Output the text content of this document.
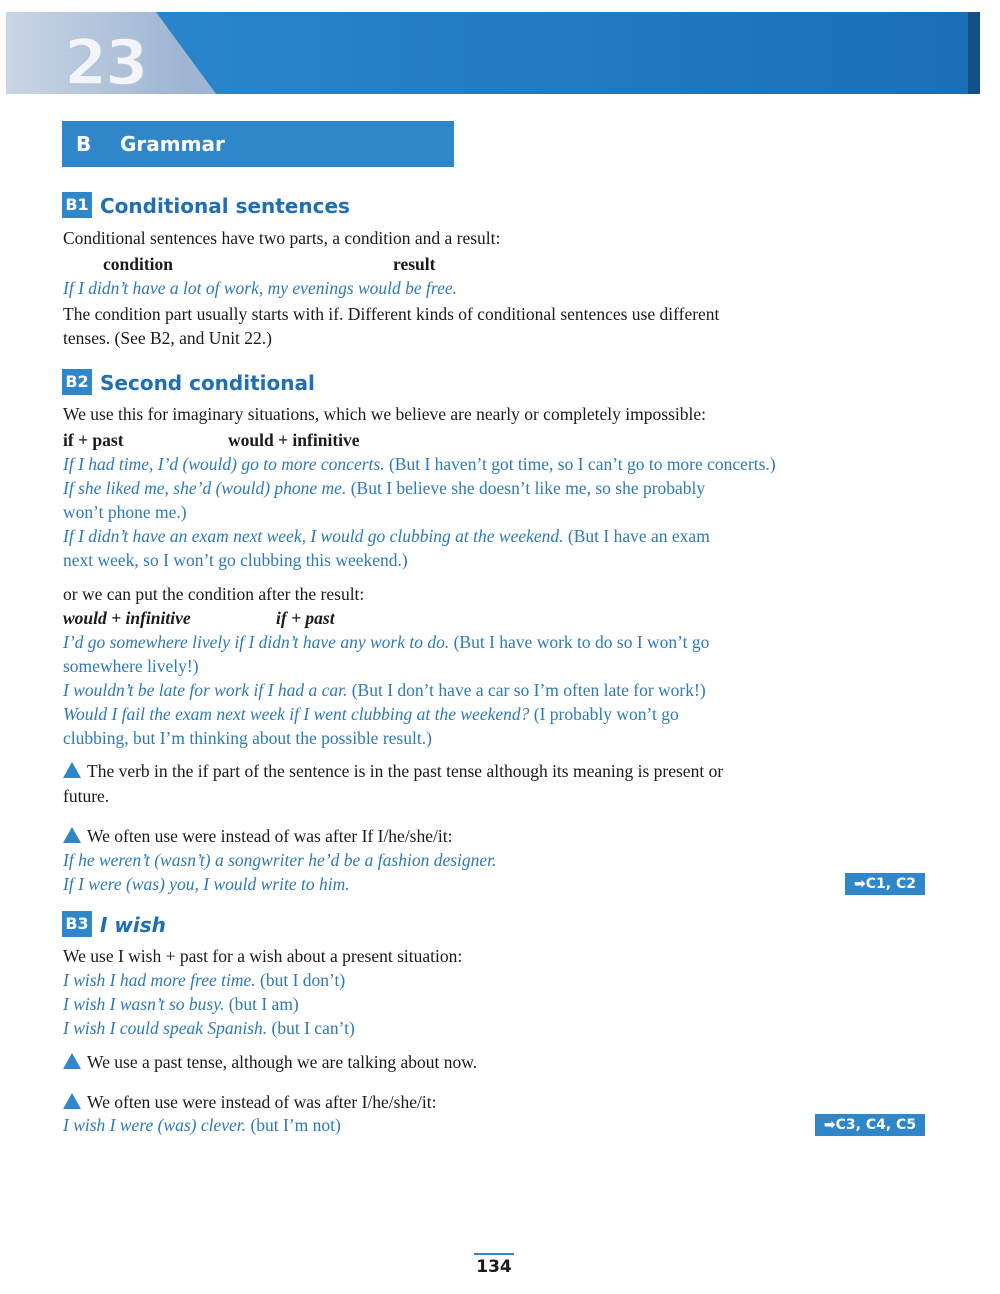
23
B Grammar
B1 Conditional sentences
Conditional sentences have two parts, a condition and a result:
condition	result
If I didn’t have a lot of work, my evenings would be free.
The condition part usually starts with if. Different kinds of conditional sentences use different
tenses. (See B2, and Unit 22.)
B2 Second conditional
We use this for imaginary situations, which we believe are nearly or completely impossible:
if + past	would + infinitive
If I had time, I’d (would) go to more concerts. (But I haven’t got time, so I can’t go to more concerts.)
If she liked me, she’d (would) phone me. (But I believe she doesn’t like me, so she probably
won’t phone me.)
If I didn’t have an exam next week, I would go clubbing at the weekend. (But I have an exam
next week, so I won’t go clubbing this weekend.)
or we can put the condition after the result:
would + infinitive	if + past
I’d go somewhere lively if I didn’t have any work to do. (But I have work to do so I won’t go
somewhere lively!)
I wouldn’t be late for work if I had a car. (But I don’t have a car so I’m often late for work!)
Would I fail the exam next week if I went clubbing at the weekend? (I probably won’t go
clubbing, but I’m thinking about the possible result.)
The verb in the if part of the sentence is in the past tense although its meaning is present or
future.
We often use were instead of was after If I/he/she/it:
If he weren’t (wasn’t) a songwriter he’d be a fashion designer.
If I were (was) you, I would write to him.	➡C1, C2
B3 I wish
We use I wish + past for a wish about a present situation:
I wish I had more free time. (but I don’t)
I wish I wasn’t so busy. (but I am)
I wish I could speak Spanish. (but I can’t)
We use a past tense, although we are talking about now.
We often use were instead of was after I/he/she/it:
I wish I were (was) clever. (but I’m not)	➡C3, C4, C5
134
